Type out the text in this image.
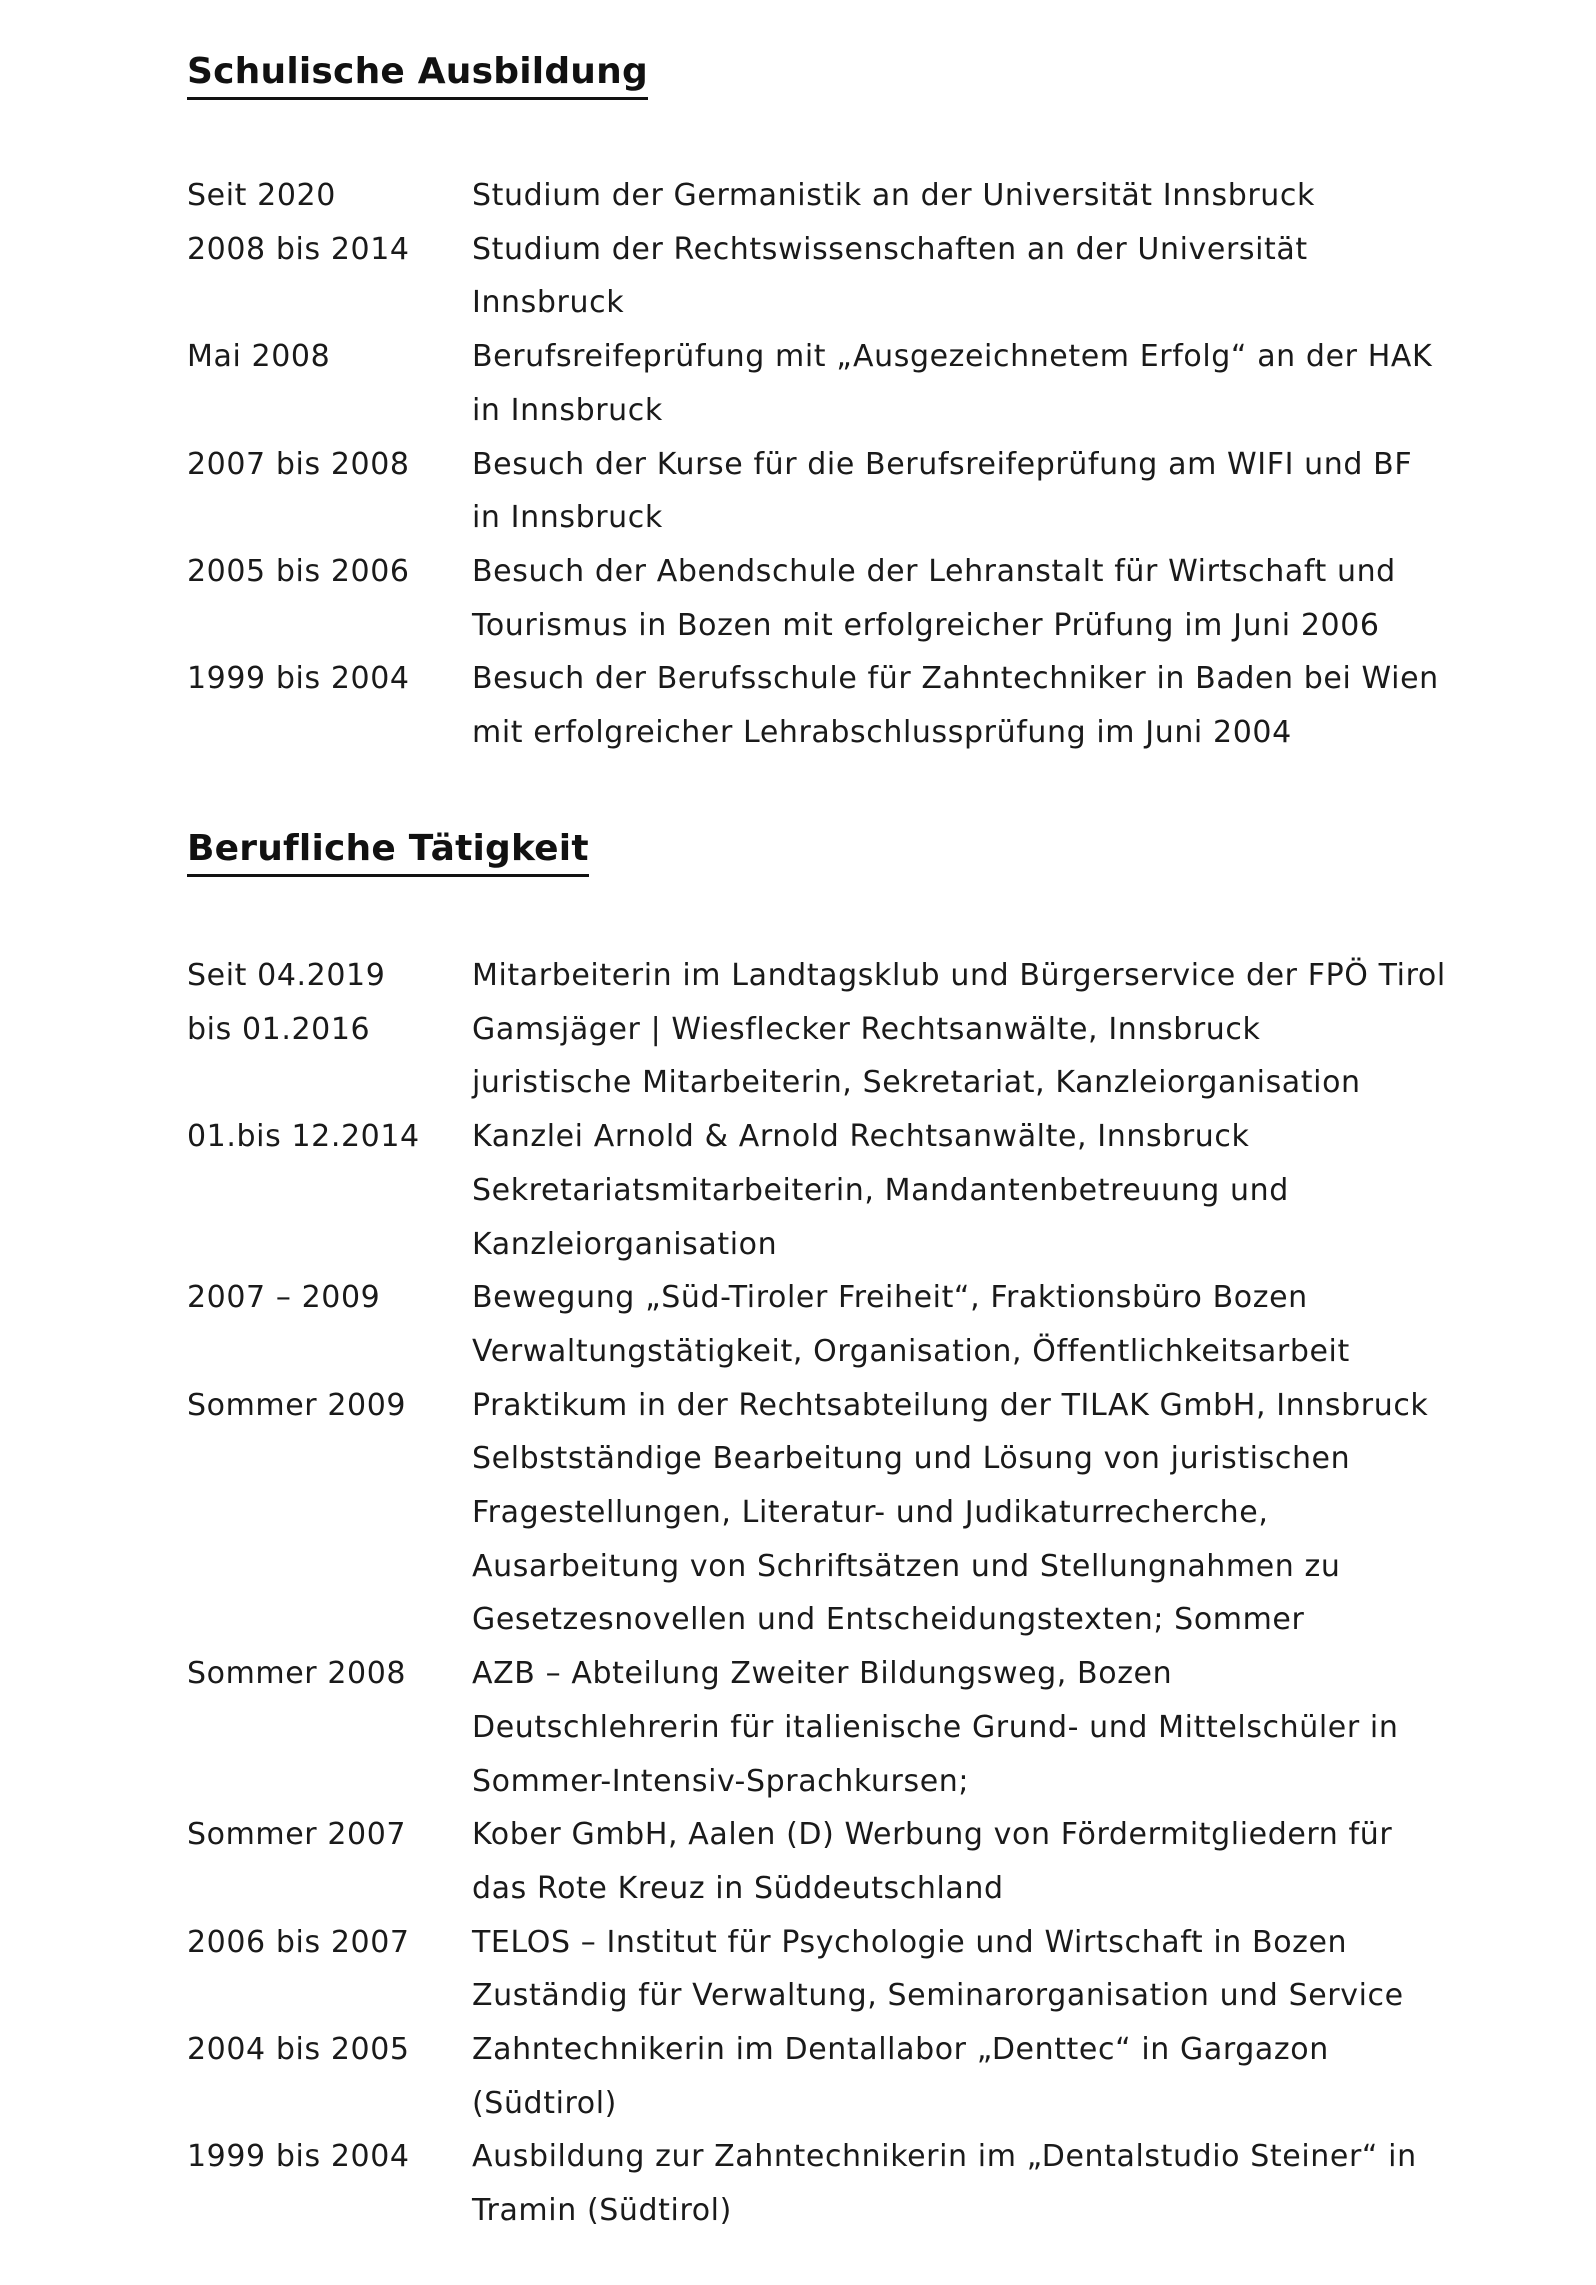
Schulische Ausbildung
Seit 2020	Studium der Germanistik an der Universität Innsbruck
2008 bis 2014	Studium der Rechtswissenschaften an der Universität
Innsbruck
Mai 2008	Berufsreifeprüfung mit „Ausgezeichnetem Erfolg“ an der HAK
in Innsbruck
2007 bis 2008	Besuch der Kurse für die Berufsreifeprüfung am WIFI und BF
in Innsbruck
2005 bis 2006	Besuch der Abendschule der Lehranstalt für Wirtschaft und
Tourismus in Bozen mit erfolgreicher Prüfung im Juni 2006
1999 bis 2004	Besuch der Berufsschule für Zahntechniker in Baden bei Wien
mit erfolgreicher Lehrabschlussprüfung im Juni 2004
Berufliche Tätigkeit
Seit 04.2019	Mitarbeiterin im Landtagsklub und Bürgerservice der FPÖ Tirol
bis 01.2016	Gamsjäger | Wiesflecker Rechtsanwälte, Innsbruck
juristische Mitarbeiterin, Sekretariat, Kanzleiorganisation
01.bis 12.2014	Kanzlei Arnold & Arnold Rechtsanwälte, Innsbruck
Sekretariatsmitarbeiterin, Mandantenbetreuung und
Kanzleiorganisation
2007 – 2009	Bewegung „Süd-Tiroler Freiheit“, Fraktionsbüro Bozen
Verwaltungstätigkeit, Organisation, Öffentlichkeitsarbeit
Sommer 2009	Praktikum in der Rechtsabteilung der TILAK GmbH, Innsbruck
Selbstständige Bearbeitung und Lösung von juristischen
Fragestellungen, Literatur- und Judikaturrecherche,
Ausarbeitung von Schriftsätzen und Stellungnahmen zu
Gesetzesnovellen und Entscheidungstexten; Sommer
Sommer 2008	AZB – Abteilung Zweiter Bildungsweg, Bozen
Deutschlehrerin für italienische Grund- und Mittelschüler in
Sommer-Intensiv-Sprachkursen;
Sommer 2007	Kober GmbH, Aalen (D) Werbung von Fördermitgliedern für
das Rote Kreuz in Süddeutschland
2006 bis 2007	TELOS – Institut für Psychologie und Wirtschaft in Bozen
Zuständig für Verwaltung, Seminarorganisation und Service
2004 bis 2005	Zahntechnikerin im Dentallabor „Denttec“ in Gargazon
(Südtirol)
1999 bis 2004	Ausbildung zur Zahntechnikerin im „Dentalstudio Steiner“ in
Tramin (Südtirol)
